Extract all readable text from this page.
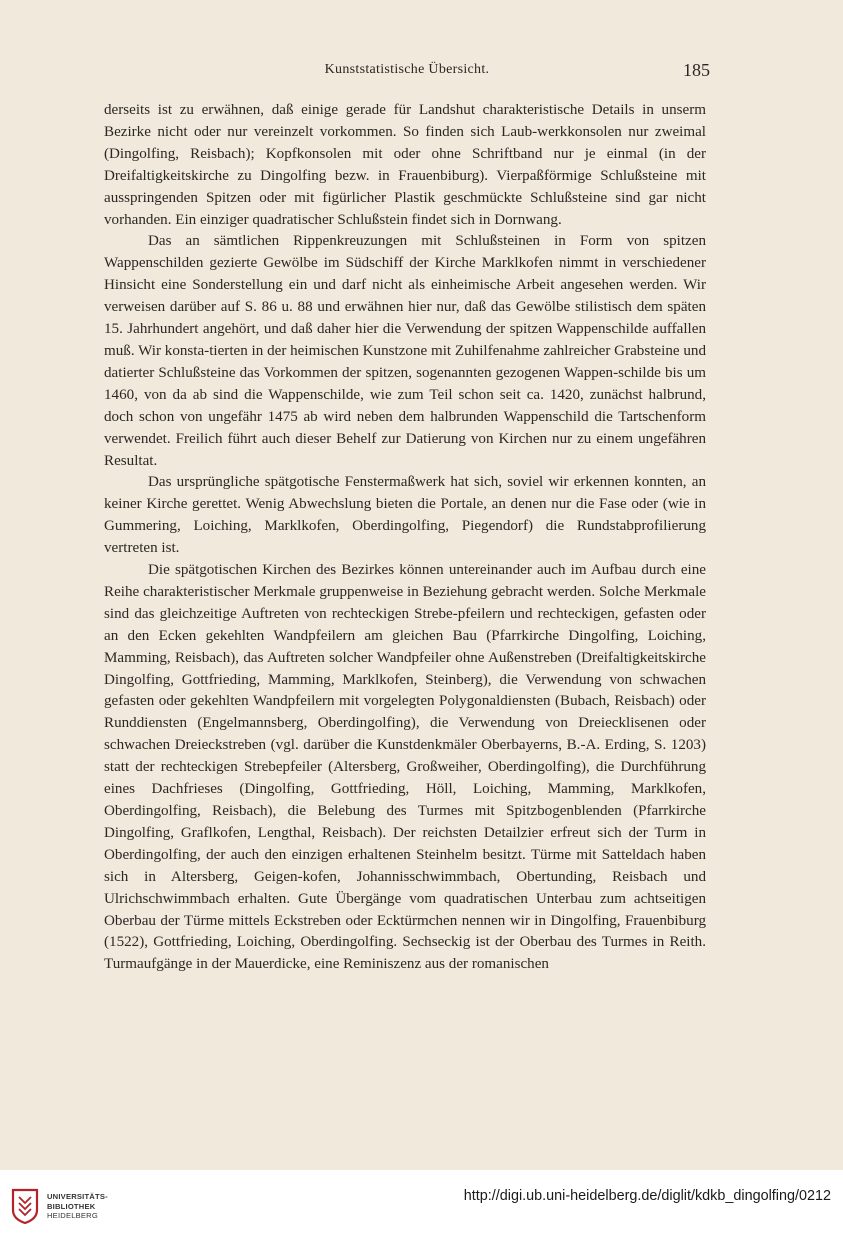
Kunststatistische Übersicht.	185

derseits ist zu erwähnen, daß einige gerade für Landshut charakteristische Details in unserm Bezirke nicht oder nur vereinzelt vorkommen. So finden sich Laub-werkkonsolen nur zweimal (Dingolfing, Reisbach); Kopfkonsolen mit oder ohne Schriftband nur je einmal (in der Dreifaltigkeitskirche zu Dingolfing bezw. in Frauenbiburg). Vierpaßförmige Schlußsteine mit ausspringenden Spitzen oder mit figürlicher Plastik geschmückte Schlußsteine sind gar nicht vorhanden. Ein einziger quadratischer Schlußstein findet sich in Dornwang.

Das an sämtlichen Rippenkreuzungen mit Schlußsteinen in Form von spitzen Wappenschilden gezierte Gewölbe im Südschiff der Kirche Marklkofen nimmt in verschiedener Hinsicht eine Sonderstellung ein und darf nicht als einheimische Arbeit angesehen werden. Wir verweisen darüber auf S. 86 u. 88 und erwähnen hier nur, daß das Gewölbe stilistisch dem späten 15. Jahrhundert angehört, und daß daher hier die Verwendung der spitzen Wappenschilde auffallen muß. Wir konsta-tierten in der heimischen Kunstzone mit Zuhilfenahme zahlreicher Grabsteine und datierter Schlußsteine das Vorkommen der spitzen, sogenannten gezogenen Wappen-schilde bis um 1460, von da ab sind die Wappenschilde, wie zum Teil schon seit ca. 1420, zunächst halbrund, doch schon von ungefähr 1475 ab wird neben dem halbrunden Wappenschild die Tartschenform verwendet. Freilich führt auch dieser Behelf zur Datierung von Kirchen nur zu einem ungefähren Resultat.

Das ursprüngliche spätgotische Fenstermaßwerk hat sich, soviel wir erkennen konnten, an keiner Kirche gerettet. Wenig Abwechslung bieten die Portale, an denen nur die Fase oder (wie in Gummering, Loiching, Marklkofen, Oberdingolfing, Piegendorf) die Rundstabprofilierung vertreten ist.

Die spätgotischen Kirchen des Bezirkes können untereinander auch im Aufbau durch eine Reihe charakteristischer Merkmale gruppenweise in Beziehung gebracht werden. Solche Merkmale sind das gleichzeitige Auftreten von rechteckigen Strebe-pfeilern und rechteckigen, gefasten oder an den Ecken gekehlten Wandpfeilern am gleichen Bau (Pfarrkirche Dingolfing, Loiching, Mamming, Reisbach), das Auftreten solcher Wandpfeiler ohne Außenstreben (Dreifaltigkeitskirche Dingolfing, Gottfrieding, Mamming, Marklkofen, Steinberg), die Verwendung von schwachen gefasten oder gekehlten Wandpfeilern mit vorgelegten Polygonaldiensten (Bubach, Reisbach) oder Runddiensten (Engelmannsberg, Oberdingolfing), die Verwendung von Dreiecklisenen oder schwachen Dreieckstreben (vgl. darüber die Kunstdenkmäler Oberbayerns, B.-A. Erding, S. 1203) statt der rechteckigen Strebepfeiler (Altersberg, Großweiher, Oberdingolfing), die Durchführung eines Dachfrieses (Dingolfing, Gottfrieding, Höll, Loiching, Mamming, Marklkofen, Oberdingolfing, Reisbach), die Belebung des Turmes mit Spitzbogenblenden (Pfarrkirche Dingolfing, Graflkofen, Lengthal, Reisbach). Der reichsten Detailzier erfreut sich der Turm in Oberdingolfing, der auch den einzigen erhaltenen Steinhelm besitzt. Türme mit Satteldach haben sich in Altersberg, Geigen-kofen, Johannisschwimmbach, Obertunding, Reisbach und Ulrichschwimmbach erhalten. Gute Übergänge vom quadratischen Unterbau zum achtseitigen Oberbau der Türme mittels Eckstreben oder Ecktürmchen nennen wir in Dingolfing, Frauenbiburg (1522), Gottfrieding, Loiching, Oberdingolfing. Sechseckig ist der Oberbau des Turmes in Reith. Turmaufgänge in der Mauerdicke, eine Reminiszenz aus der romanischen

UNIVERSITÄTS-
BIBLIOTHEK
HEIDELBERG
http://digi.ub.uni-heidelberg.de/diglit/kdkb_dingolfing/0212
